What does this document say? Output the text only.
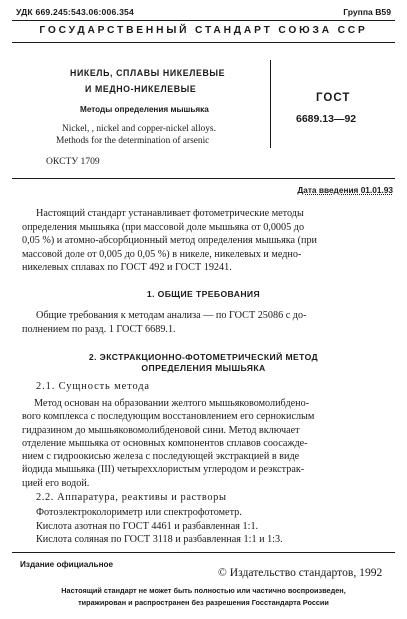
УДК 669.245:543.06:006.354	Группа В59
ГОСУДАРСТВЕННЫЙ СТАНДАРТ СОЮЗА ССР
НИКЕЛЬ, СПЛАВЫ НИКЕЛЕВЫЕ
И МЕДНО-НИКЕЛЕВЫЕ
Методы определения мышьяка
Nickel, , nickel and copper-nickel alloys.
Methods for the determination of arsenic
ГОСТ
6689.13—92
ОКСТУ 1709
Дата введения 01.01.93
Настоящий стандарт устанавливает фотометрические методы
определения мышьяка (при массовой доле мышьяка от 0,0005 до
0,05 %) и атомно-абсорбционный метод определения мышьяка (при
массовой доле от 0,005 до 0,05 %) в никеле, никелевых и медно-
никелевых сплавах по ГОСТ 492 и ГОСТ 19241.
1. ОБЩИЕ ТРЕБОВАНИЯ
Общие требования к методам анализа — по ГОСТ 25086 с до-
полнением по разд. 1 ГОСТ 6689.1.
2. ЭКСТРАКЦИОННО-ФОТОМЕТРИЧЕСКИЙ МЕТОД
ОПРЕДЕЛЕНИЯ МЫШЬЯКА
2.1. Сущность метода
Метод основан на образовании желтого мышьяковомолибдено-
вого комплекса с последующим восстановлением его сернокислым
гидразином до мышьяковомолибденовой сини. Метод включает
отделение мышьяка от основных компонентов сплавов соосажде-
нием с гидроокисью железа с последующей экстракцией в виде
йодида мышьяка (III) четыреххлористым углеродом и реэкстрак-
цией его водой.
2.2. Аппаратура, реактивы и растворы
Фотоэлектроколориметр или спектрофотометр.
Кислота азотная по ГОСТ 4461 и разбавленная 1:1.
Кислота соляная по ГОСТ 3118 и разбавленная 1:1 и 1:3.
Издание официальное
© Издательство стандартов, 1992
Настоящий стандарт не может быть полностью или частично воспроизведен,
тиражирован и распространен без разрешения Госстандарта России
